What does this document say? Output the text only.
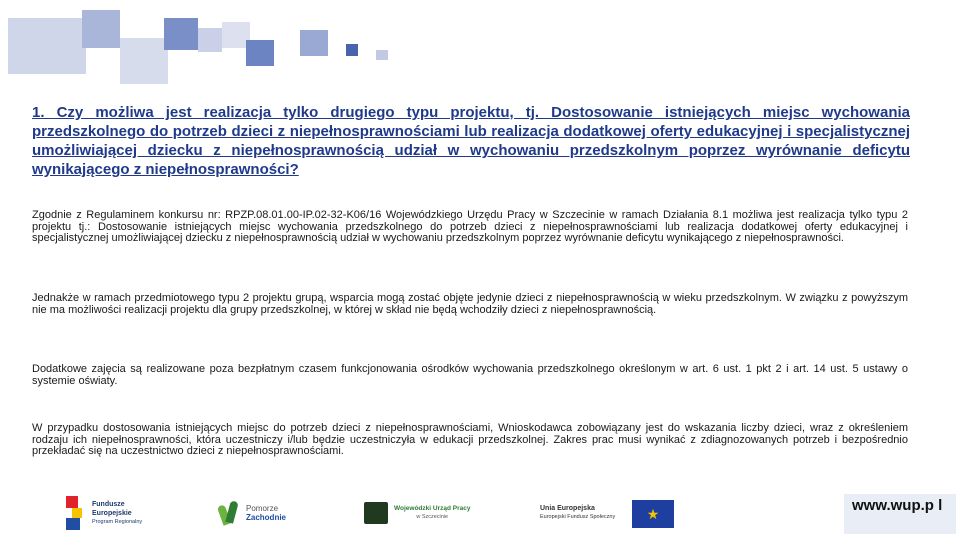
1. Czy możliwa jest realizacja tylko drugiego typu projektu, tj. Dostosowanie istniejących miejsc wychowania przedszkolnego do potrzeb dzieci z niepełnosprawnościami lub realizacja dodatkowej oferty edukacyjnej i specjalistycznej umożliwiającej dziecku z niepełnosprawnością udział w wychowaniu przedszkolnym poprzez wyrównanie deficytu wynikającego z niepełnosprawności?

Zgodnie z Regulaminem konkursu nr: RPZP.08.01.00-IP.02-32-K06/16 Wojewódzkiego Urzędu Pracy w Szczecinie w ramach Działania 8.1 możliwa jest realizacja tylko typu 2 projektu tj.: Dostosowanie istniejących miejsc wychowania przedszkolnego do potrzeb dzieci z niepełnosprawnościami lub realizacja dodatkowej oferty edukacyjnej i specjalistycznej umożliwiającej dziecku z niepełnosprawnością udział w wychowaniu przedszkolnym poprzez wyrównanie deficytu wynikającego z niepełnosprawności.

Jednakże w ramach przedmiotowego typu 2 projektu grupą, wsparcia mogą zostać objęte jedynie dzieci z niepełnosprawnością w wieku przedszkolnym. W związku z powyższym nie ma możliwości realizacji projektu dla grupy przedszkolnej, w której w skład nie będą wchodziły dzieci z niepełnosprawnością.

Dodatkowe zajęcia są realizowane poza bezpłatnym czasem funkcjonowania ośrodków wychowania przedszkolnego określonym w art. 6 ust. 1 pkt 2 i art. 14 ust. 5 ustawy o systemie oświaty.

W przypadku dostosowania istniejących miejsc do potrzeb dzieci z niepełnosprawnościami, Wnioskodawca zobowiązany jest do wskazania liczby dzieci, wraz z określeniem rodzaju ich niepełnosprawności, która uczestniczy i/lub będzie uczestniczyła w edukacji przedszkolnej. Zakres prac musi wynikać z zdiagnozowanych potrzeb i bezpośrednio przekładać się na uczestnictwo dzieci z niepełnosprawnościami.

Fundusze
Europejskie
Program Regionalny
Pomorze
Zachodnie
Wojewódzki Urząd Pracy
w Szczecinie
Unia Europejska
Europejski Fundusz Społeczny	★	www.wup.p l
